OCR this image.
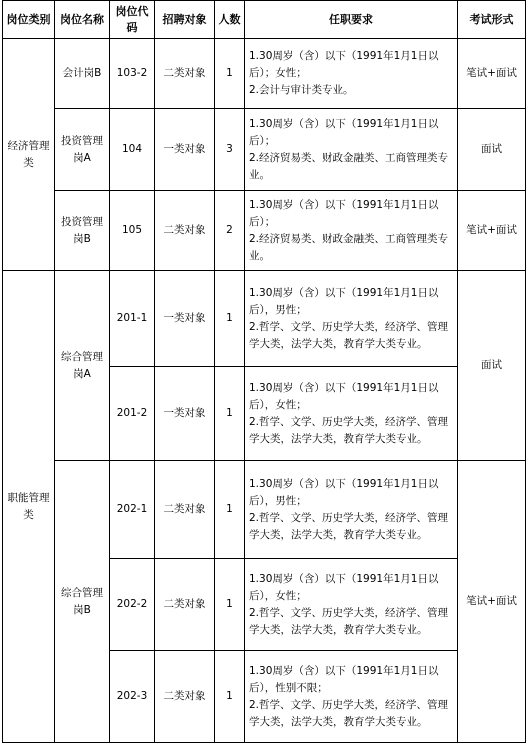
岗位类别	岗位名称	岗位代码	招聘对象	人数	任职要求	考试形式
经济管理类	会计岗B	103-2	二类对象	1	1.30周岁（含）以下（1991年1月1日以后）；女性；
2.会计与审计类专业。	笔试+面试
	投资管理岗A	104	一类对象	3	1.30周岁（含）以下（1991年1月1日以后）；
2.经济贸易类、财政金融类、工商管理类专业。	面试
	投资管理岗B	105	二类对象	2	1.30周岁（含）以下（1991年1月1日以后）；
2.经济贸易类、财政金融类、工商管理类专业。	笔试+面试
职能管理类	综合管理岗A	201-1	一类对象	1	1.30周岁（含）以下（1991年1月1日以后），男性；
2.哲学、文学、历史学大类，经济学、管理学大类，法学大类，教育学大类专业。	面试
		201-2	一类对象	1	1.30周岁（含）以下（1991年1月1日以后），女性；
2.哲学、文学、历史学大类，经济学、管理学大类，法学大类，教育学大类专业。	

	综合管理岗B	202-1	二类对象	1	1.30周岁（含）以下（1991年1月1日以后），男性；
2.哲学、文学、历史学大类，经济学、管理学大类，法学大类，教育学大类专业。	笔试+面试
		202-2	二类对象	1	1.30周岁（含）以下（1991年1月1日以后），女性；
2.哲学、文学、历史学大类，经济学、管理学大类，法学大类，教育学大类专业。	

		202-3	二类对象	1	1.30周岁（含）以下（1991年1月1日以后），性别不限；
2.哲学、文学、历史学大类，经济学、管理学大类，法学大类，教育学大类专业。	
